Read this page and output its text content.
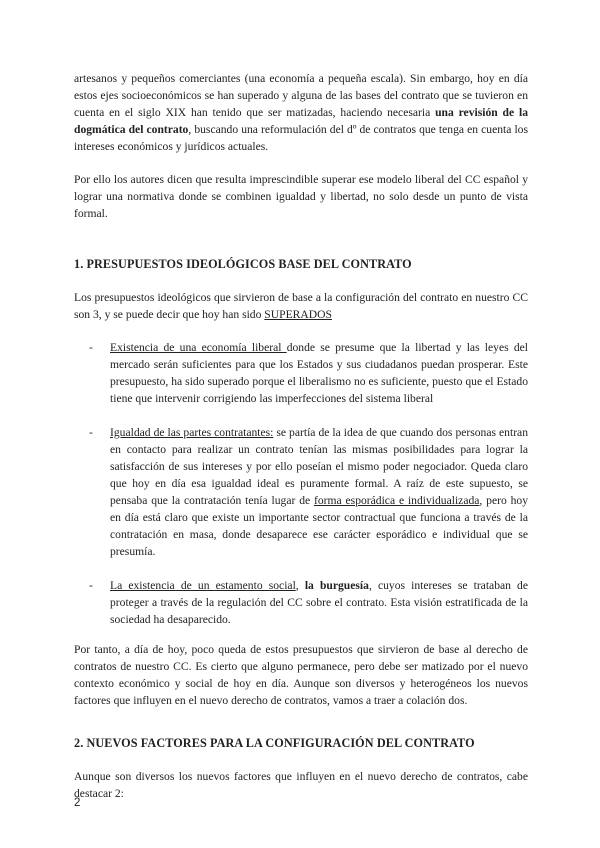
artesanos y pequeños comerciantes (una economía a pequeña escala). Sin embargo, hoy en día estos ejes socioeconómicos se han superado y alguna de las bases del contrato que se tuvieron en cuenta en el siglo XIX han tenido que ser matizadas, haciendo necesaria una revisión de la dogmática del contrato, buscando una reformulación del dº de contratos que tenga en cuenta los intereses económicos y jurídicos actuales.

Por ello los autores dicen que resulta imprescindible superar ese modelo liberal del CC español y lograr una normativa donde se combinen igualdad y libertad, no solo desde un punto de vista formal.

1. PRESUPUESTOS IDEOLÓGICOS BASE DEL CONTRATO

Los presupuestos ideológicos que sirvieron de base a la configuración del contrato en nuestro CC son 3, y se puede decir que hoy han sido SUPERADOS

- Existencia de una economía liberal donde se presume que la libertad y las leyes del mercado serán suficientes para que los Estados y sus ciudadanos puedan prosperar. Este presupuesto, ha sido superado porque el liberalismo no es suficiente, puesto que el Estado tiene que intervenir corrigiendo las imperfecciones del sistema liberal
- Igualdad de las partes contratantes: se partía de la idea de que cuando dos personas entran en contacto para realizar un contrato tenían las mismas posibilidades para lograr la satisfacción de sus intereses y por ello poseían el mismo poder negociador. Queda claro que hoy en día esa igualdad ideal es puramente formal. A raíz de este supuesto, se pensaba que la contratación tenía lugar de forma esporádica e individualizada, pero hoy en día está claro que existe un importante sector contractual que funciona a través de la contratación en masa, donde desaparece ese carácter esporádico e individual que se presumía.
- La existencia de un estamento social, la burguesía, cuyos intereses se trataban de proteger a través de la regulación del CC sobre el contrato. Esta visión estratificada de la sociedad ha desaparecido.

Por tanto, a día de hoy, poco queda de estos presupuestos que sirvieron de base al derecho de contratos de nuestro CC. Es cierto que alguno permanece, pero debe ser matizado por el nuevo contexto económico y social de hoy en día. Aunque son diversos y heterogéneos los nuevos factores que influyen en el nuevo derecho de contratos, vamos a traer a colación dos.

2. NUEVOS FACTORES PARA LA CONFIGURACIÓN DEL CONTRATO

Aunque son diversos los nuevos factores que influyen en el nuevo derecho de contratos, cabe destacar 2:

2
